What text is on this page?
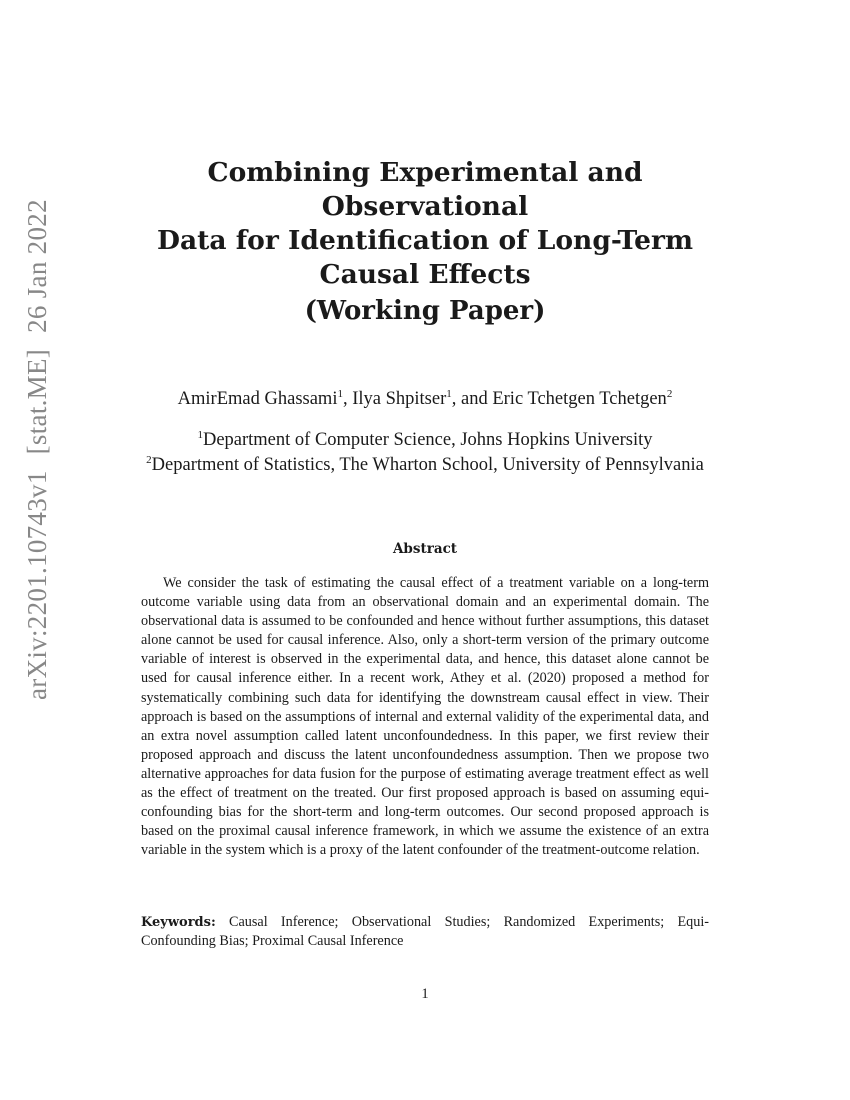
arXiv:2201.10743v1[stat.ME]26 Jan 2022
Combining Experimental and Observational
Data for Identification of Long-Term
Causal Effects
(Working Paper)
AmirEmad Ghassami$^1$, Ilya Shpitser$^1$, and Eric Tchetgen Tchetgen$^2$
$^1$Department of Computer Science, Johns Hopkins University
$^2$Department of Statistics, The Wharton School, University of Pennsylvania
Abstract
We consider the task of estimating the causal effect of a treatment variable on a long-term outcome variable using data from an observational domain and an experimental domain. The observational data is assumed to be confounded and hence without further assumptions, this dataset alone cannot be used for causal inference. Also, only a short-term version of the primary outcome variable of interest is observed in the experimental data, and hence, this dataset alone cannot be used for causal inference either. In a recent work, Athey et al. (2020) proposed a method for systematically combining such data for identifying the downstream causal effect in view. Their approach is based on the assumptions of internal and external validity of the experimental data, and an extra novel assumption called latent unconfoundedness. In this paper, we first review their proposed approach and discuss the latent unconfoundedness assumption. Then we propose two alternative approaches for data fusion for the purpose of estimating average treatment effect as well as the effect of treatment on the treated. Our first proposed approach is based on assuming equi-confounding bias for the short-term and long-term outcomes. Our second proposed approach is based on the proximal causal inference framework, in which we assume the existence of an extra variable in the system which is a proxy of the latent confounder of the treatment-outcome relation.
Keywords: Causal Inference; Observational Studies; Randomized Experiments; Equi-Confounding Bias; Proximal Causal Inference
1
